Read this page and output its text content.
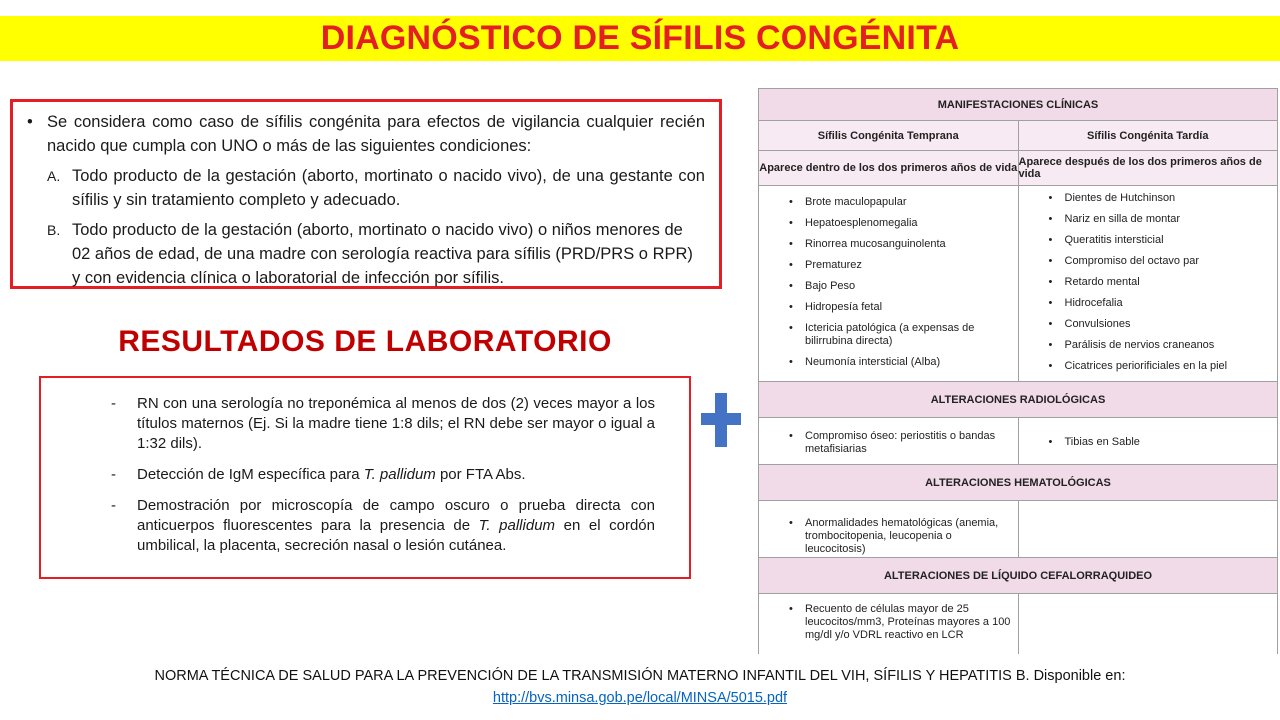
DIAGNÓSTICO DE SÍFILIS CONGÉNITA
• Se considera como caso de sífilis congénita para efectos de vigilancia cualquier recién nacido que cumpla con UNO o más de las siguientes condiciones:
A. Todo producto de la gestación (aborto, mortinato o nacido vivo), de una gestante con sífilis y sin tratamiento completo y adecuado.
B. Todo producto de la gestación (aborto, mortinato o nacido vivo) o niños menores de 02 años de edad, de una madre con serología reactiva para sífilis (PRD/PRS o RPR) y con evidencia clínica o laboratorial de infección por sífilis.
RESULTADOS DE LABORATORIO
- RN con una serología no treponémica al menos de dos (2) veces mayor a los títulos maternos (Ej. Si la madre tiene 1:8 dils; el RN debe ser mayor o igual a 1:32 dils).
- Detección de IgM específica para T. pallidum por FTA Abs.
- Demostración por microscopía de campo oscuro o prueba directa con anticuerpos fluorescentes para la presencia de T. pallidum en el cordón umbilical, la placenta, secreción nasal o lesión cutánea.
MANIFESTACIONES CLÍNICAS
Sífilis Congénita Temprana	Sífilis Congénita Tardía
Aparece dentro de los dos primeros años de vida Aparece después de los dos primeros años de vida
• Brote maculopapular
• Hepatoesplenomegalia
• Rinorrea mucosanguinolenta
• Prematurez
• Bajo Peso
• Hidropesía fetal
• Ictericia patológica (a expensas de bilirrubina directa)
• Neumonía intersticial (Alba)
• Dientes de Hutchinson
• Nariz en silla de montar
• Queratitis intersticial
• Compromiso del octavo par
• Retardo mental
• Hidrocefalia
• Convulsiones
• Parálisis de nervios craneanos
• Cicatrices periorificiales en la piel
ALTERACIONES RADIOLÓGICAS
• Compromiso óseo: periostitis o bandas metafisiarias
• Tibias en Sable
ALTERACIONES HEMATOLÓGICAS
• Anormalidades hematológicas (anemia, trombocitopenia, leucopenia o leucocitosis)
ALTERACIONES DE LÍQUIDO CEFALORRAQUIDEO
• Recuento de células mayor de 25 leucocitos/mm3, Proteínas mayores a 100 mg/dl y/o VDRL reactivo en LCR
NORMA TÉCNICA DE SALUD PARA LA PREVENCIÓN DE LA TRANSMISIÓN MATERNO INFANTIL DEL VIH, SÍFILIS Y HEPATITIS B. Disponible en:
http://bvs.minsa.gob.pe/local/MINSA/5015.pdf
